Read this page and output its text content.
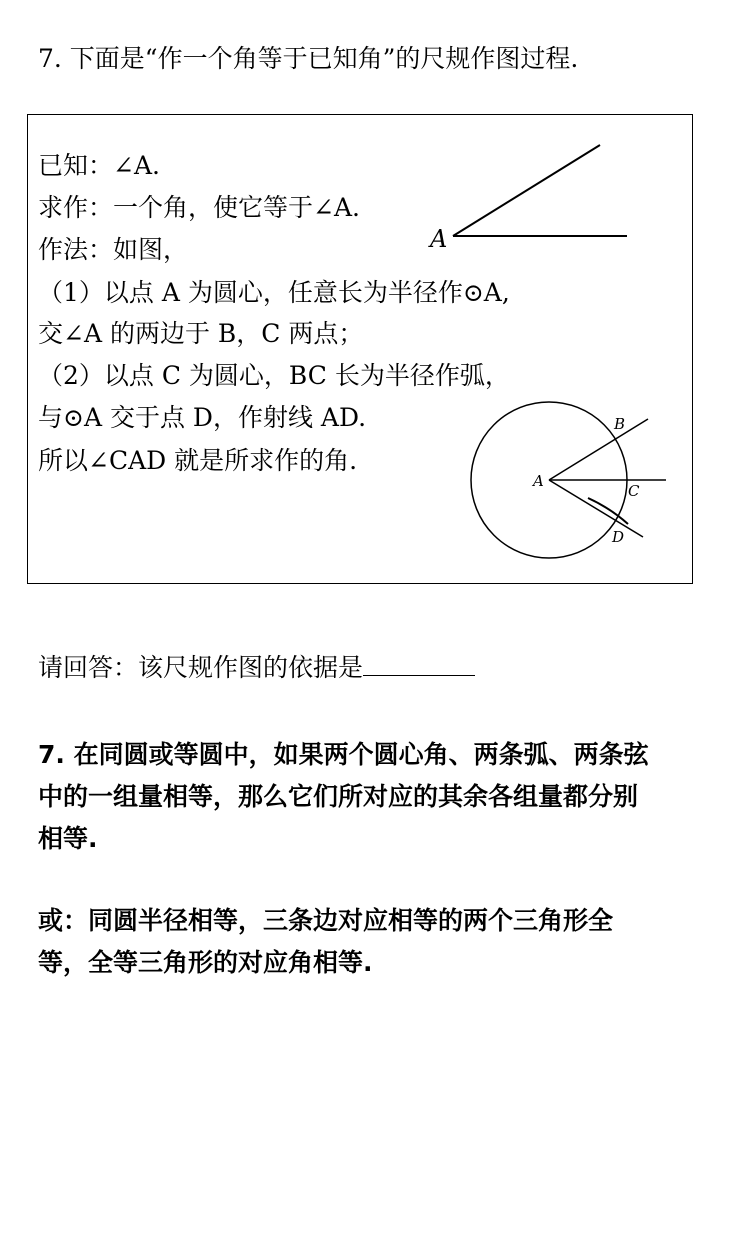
7. 下面是“作一个角等于已知角”的尺规作图过程.
已知：∠A.
求作：一个角，使它等于∠A.
作法：如图，
（1）以点 A 为圆心，任意长为半径作⊙A,
交∠A 的两边于 B，C 两点；
（2）以点 C 为圆心，BC 长为半径作弧，
与⊙A 交于点 D，作射线 AD.
所以∠CAD 就是所求作的角.
A
A
B
C
D
请回答：该尺规作图的依据是
7. 在同圆或等圆中，如果两个圆心角、两条弧、两条弦
中的一组量相等，那么它们所对应的其余各组量都分别
相等.
或：同圆半径相等，三条边对应相等的两个三角形全
等，全等三角形的对应角相等.
